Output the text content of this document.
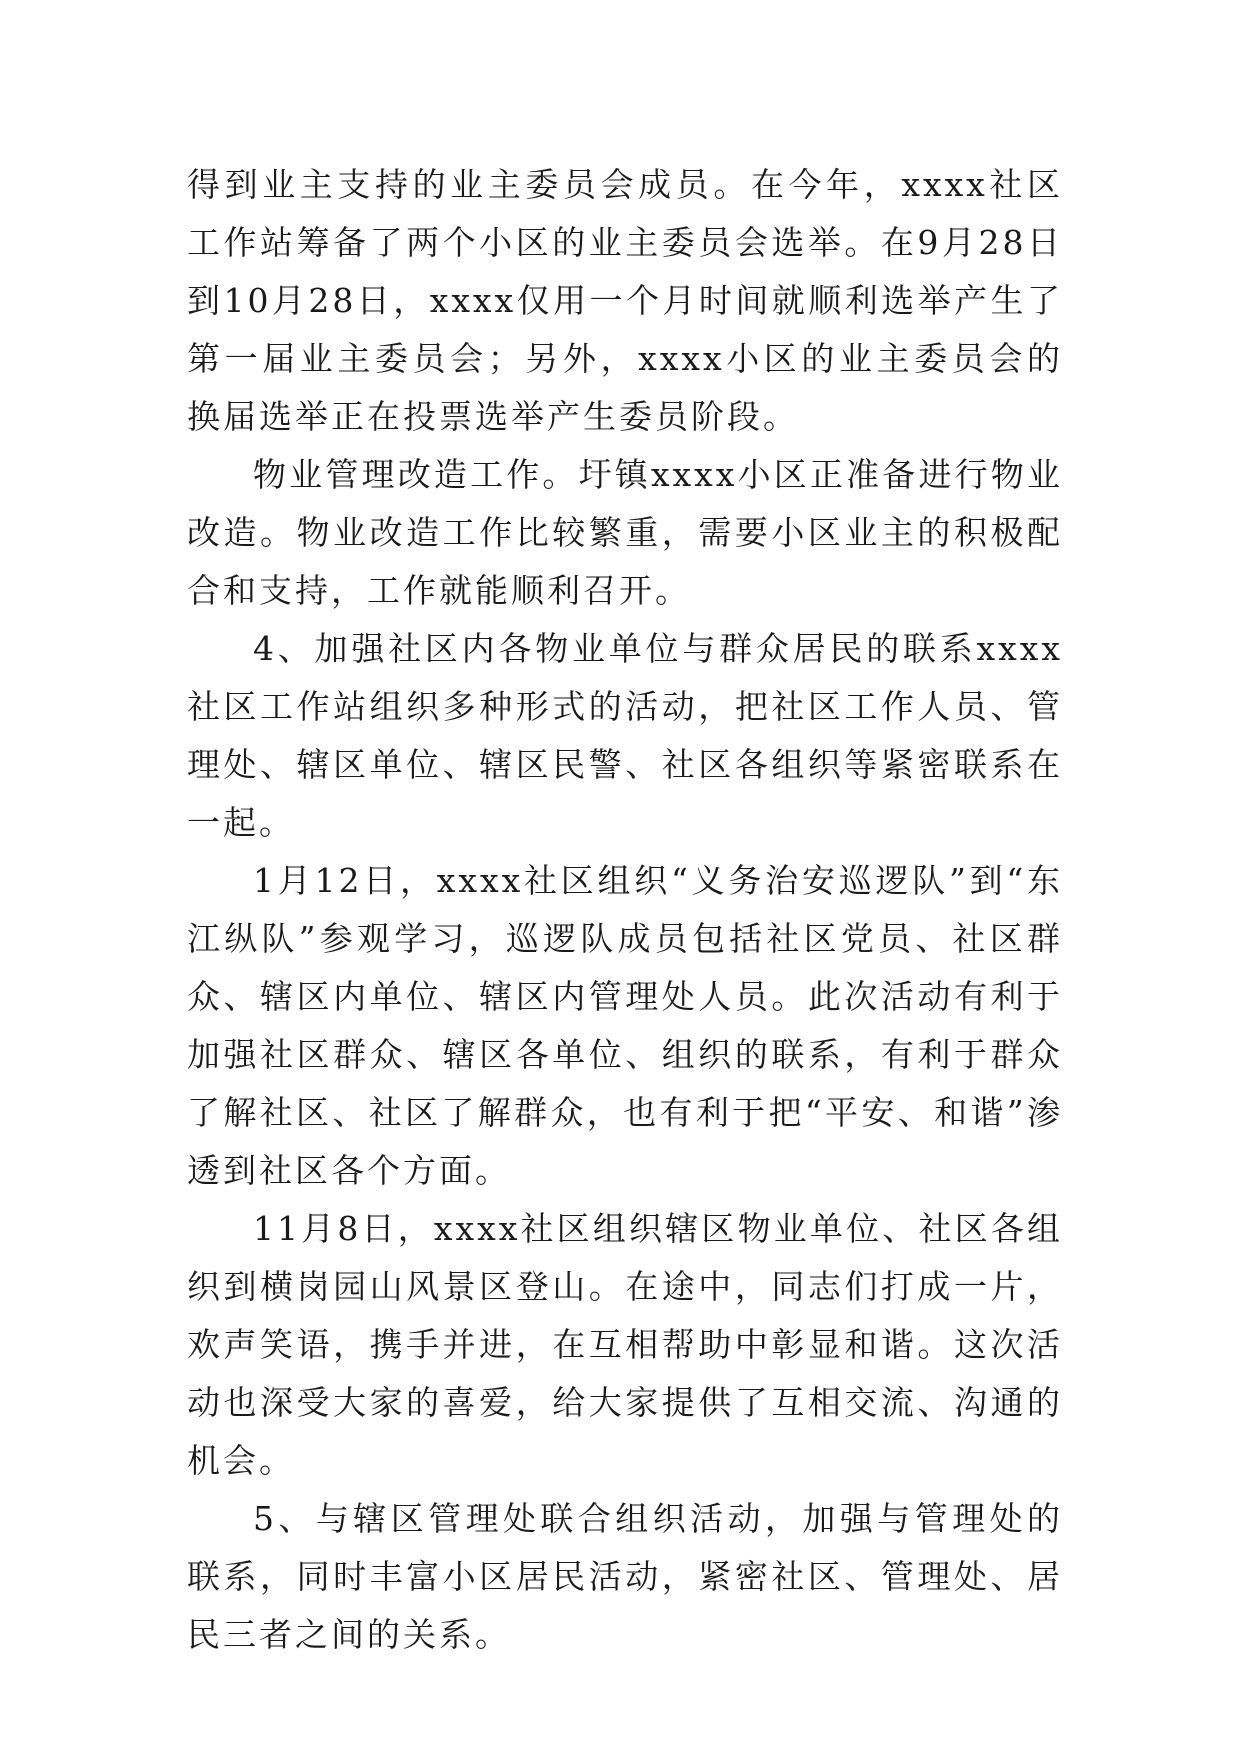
得到业主支持的业主委员会成员。在今年，xxxx社区工作站筹备了两个小区的业主委员会选举。在9月28日到10月28日，xxxx仅用一个月时间就顺利选举产生了第一届业主委员会；另外，xxxx小区的业主委员会的换届选举正在投票选举产生委员阶段。

物业管理改造工作。圩镇xxxx小区正准备进行物业改造。物业改造工作比较繁重，需要小区业主的积极配合和支持，工作就能顺利召开。

4、加强社区内各物业单位与群众居民的联系xxxx社区工作站组织多种形式的活动，把社区工作人员、管理处、辖区单位、辖区民警、社区各组织等紧密联系在一起。

1月12日，xxxx社区组织“义务治安巡逻队”到“东江纵队”参观学习，巡逻队成员包括社区党员、社区群众、辖区内单位、辖区内管理处人员。此次活动有利于加强社区群众、辖区各单位、组织的联系，有利于群众了解社区、社区了解群众，也有利于把“平安、和谐”渗透到社区各个方面。

11月8日，xxxx社区组织辖区物业单位、社区各组织到横岗园山风景区登山。在途中，同志们打成一片，欢声笑语，携手并进，在互相帮助中彰显和谐。这次活动也深受大家的喜爱，给大家提供了互相交流、沟通的机会。

5、与辖区管理处联合组织活动，加强与管理处的联系，同时丰富小区居民活动，紧密社区、管理处、居民三者之间的关系。
